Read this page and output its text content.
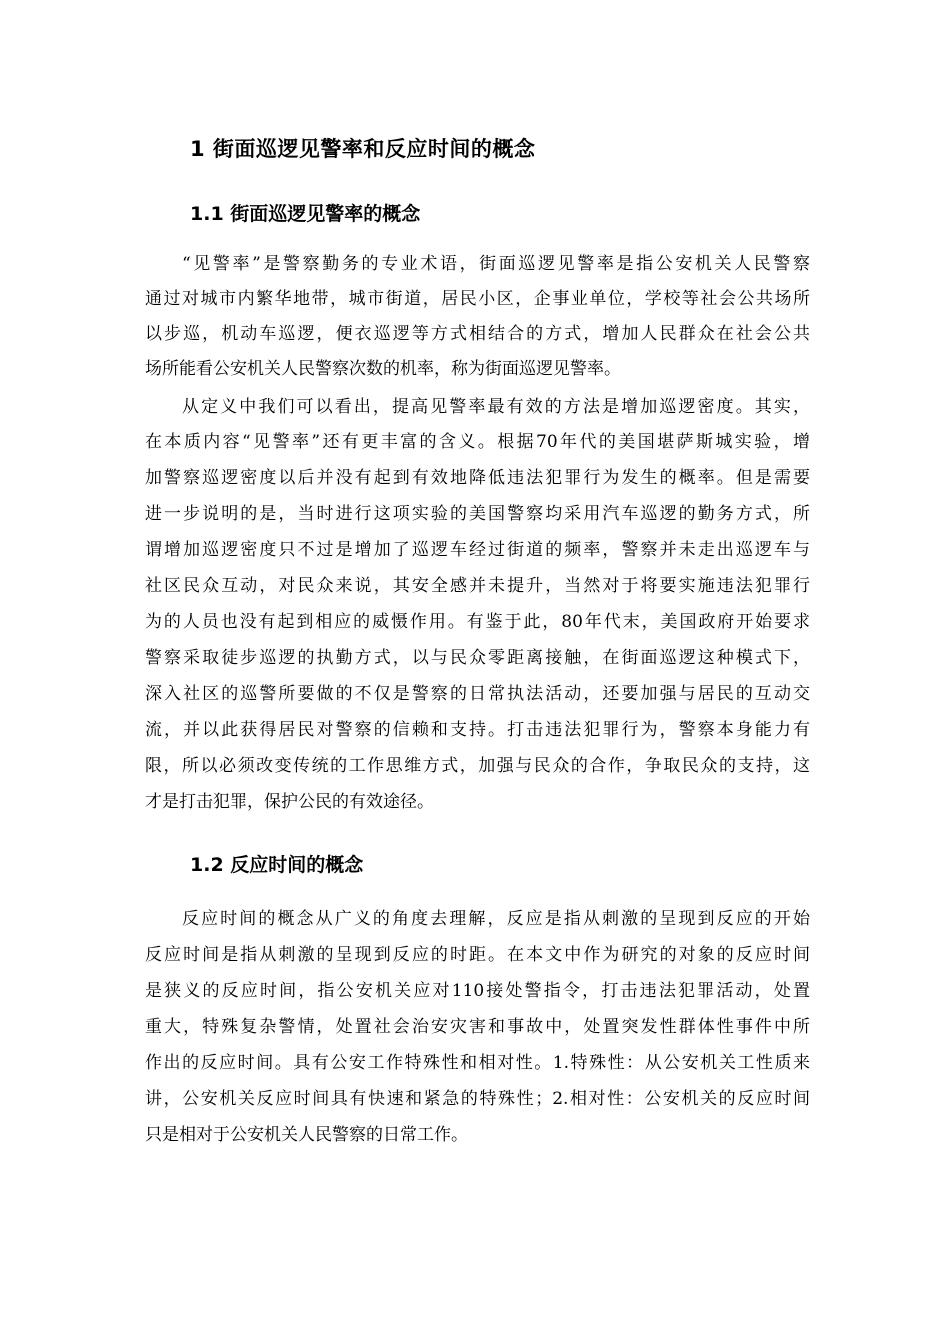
1 街面巡逻见警率和反应时间的概念
1.1 街面巡逻见警率的概念
“见警率”是警察勤务的专业术语，街面巡逻见警率是指公安机关人民警察
通过对城市内繁华地带，城市街道，居民小区，企事业单位，学校等社会公共场所
以步巡，机动车巡逻，便衣巡逻等方式相结合的方式，增加人民群众在社会公共
场所能看公安机关人民警察次数的机率，称为街面巡逻见警率。
从定义中我们可以看出，提高见警率最有效的方法是增加巡逻密度。其实，
在本质内容“见警率”还有更丰富的含义。根据70年代的美国堪萨斯城实验，增
加警察巡逻密度以后并没有起到有效地降低违法犯罪行为发生的概率。但是需要
进一步说明的是，当时进行这项实验的美国警察均采用汽车巡逻的勤务方式，所
谓增加巡逻密度只不过是增加了巡逻车经过街道的频率，警察并未走出巡逻车与
社区民众互动，对民众来说，其安全感并未提升，当然对于将要实施违法犯罪行
为的人员也没有起到相应的威慑作用。有鉴于此，80年代末，美国政府开始要求
警察采取徒步巡逻的执勤方式，以与民众零距离接触，在街面巡逻这种模式下，
深入社区的巡警所要做的不仅是警察的日常执法活动，还要加强与居民的互动交
流，并以此获得居民对警察的信赖和支持。打击违法犯罪行为，警察本身能力有
限，所以必须改变传统的工作思维方式，加强与民众的合作，争取民众的支持，这
才是打击犯罪，保护公民的有效途径。
1.2 反应时间的概念
反应时间的概念从广义的角度去理解，反应是指从刺激的呈现到反应的开始
反应时间是指从刺激的呈现到反应的时距。在本文中作为研究的对象的反应时间
是狭义的反应时间，指公安机关应对110接处警指令，打击违法犯罪活动，处置
重大，特殊复杂警情，处置社会治安灾害和事故中，处置突发性群体性事件中所
作出的反应时间。具有公安工作特殊性和相对性。1.特殊性：从公安机关工性质来
讲，公安机关反应时间具有快速和紧急的特殊性；2.相对性：公安机关的反应时间
只是相对于公安机关人民警察的日常工作。
